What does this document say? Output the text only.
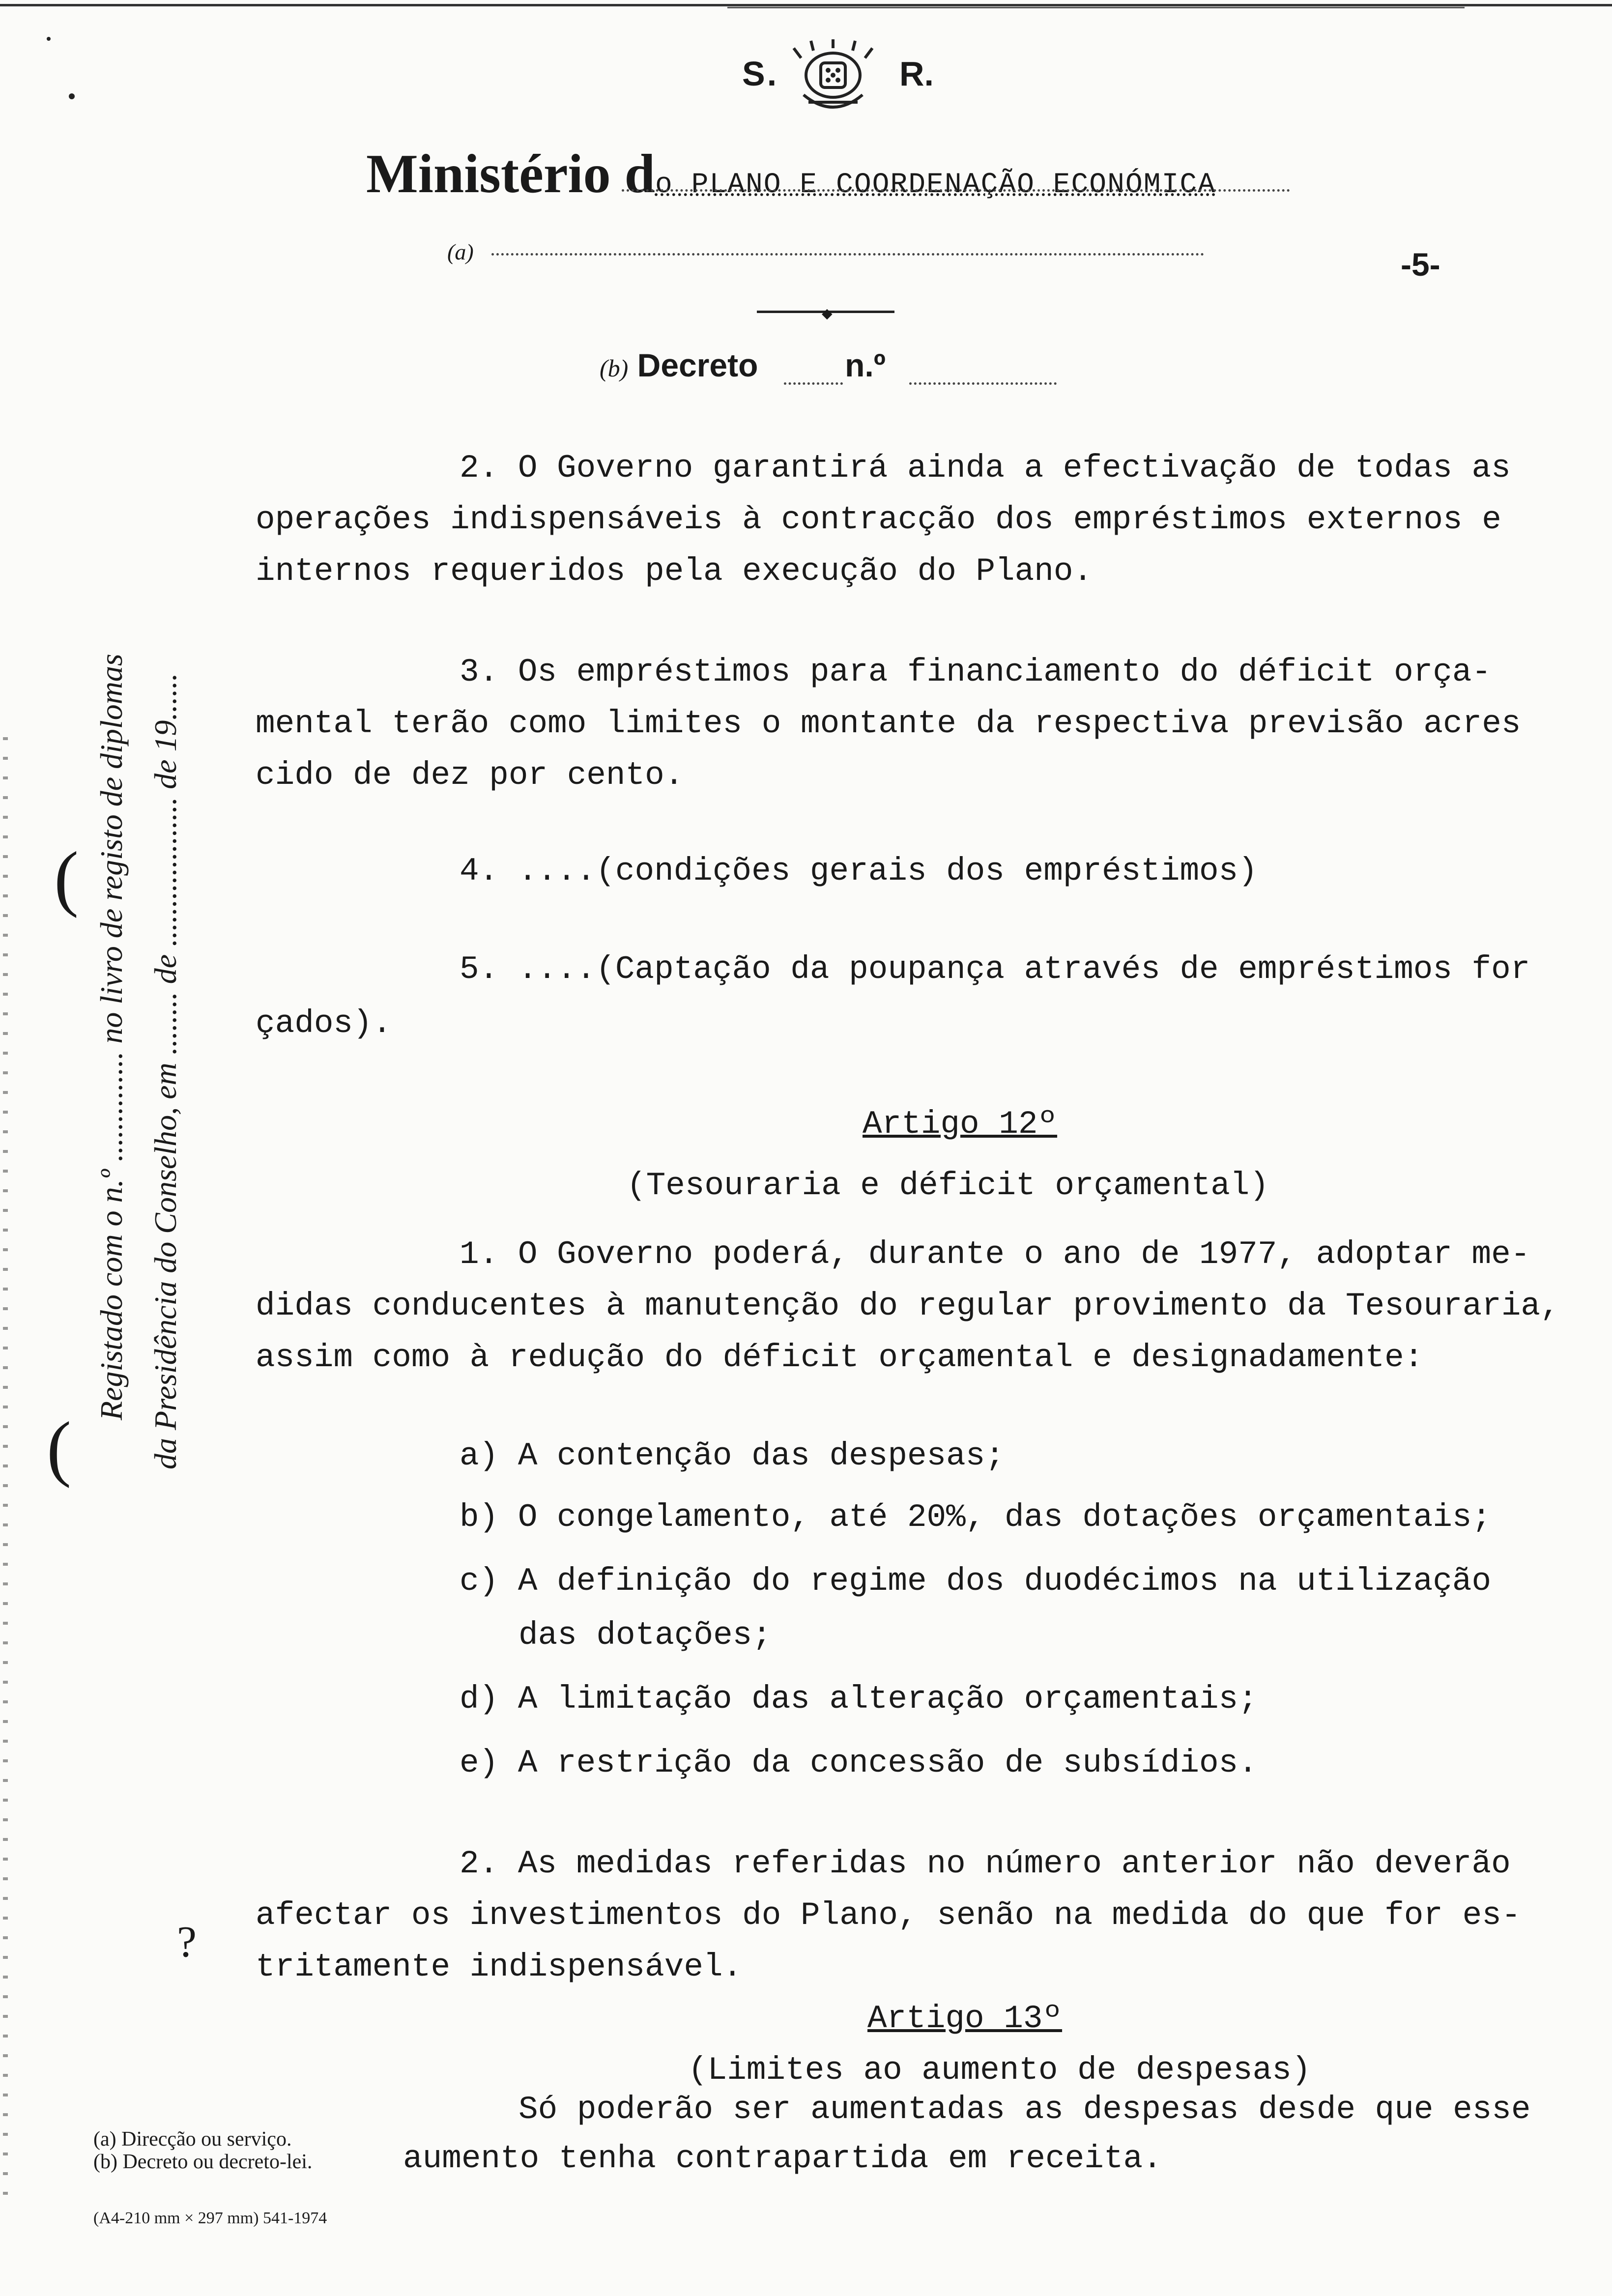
S.	R.
Ministério do PLANO E COORDENAÇÃO ECONÓMICA
(a)	-5-
◆
(b) Decreto	n.º
Registado com o n.º .............. no livro de registo de diplomas da Presidência do Conselho, em ........ de ................... de 19......
(
(
?
2. O Governo garantirá ainda a efectivação de todas as
operações indispensáveis à contracção dos empréstimos externos e
internos requeridos pela execução do Plano.
3. Os empréstimos para financiamento do déficit orça-
mental terão como limites o montante da respectiva previsão acres
cido de dez por cento.
4. ....(condições gerais dos empréstimos)
5. ....(Captação da poupança através de empréstimos for
çados).
Artigo 12º
(Tesouraria e déficit orçamental)
1. O Governo poderá, durante o ano de 1977, adoptar me-
didas conducentes à manutenção do regular provimento da Tesouraria,
assim como à redução do déficit orçamental e designadamente:
a) A contenção das despesas;
b) O congelamento, até 20%, das dotações orçamentais;
c) A definição do regime dos duodécimos na utilização
das dotações;
d) A limitação das alteração orçamentais;
e) A restrição da concessão de subsídios.
2. As medidas referidas no número anterior não deverão
afectar os investimentos do Plano, senão na medida do que for es-
tritamente indispensável.
Artigo 13º
(Limites ao aumento de despesas)
Só poderão ser aumentadas as despesas desde que esse
aumento tenha contrapartida em receita.
(a) Direcção ou serviço.
(b) Decreto ou decreto-lei.
(A4-210 mm × 297 mm) 541-1974
